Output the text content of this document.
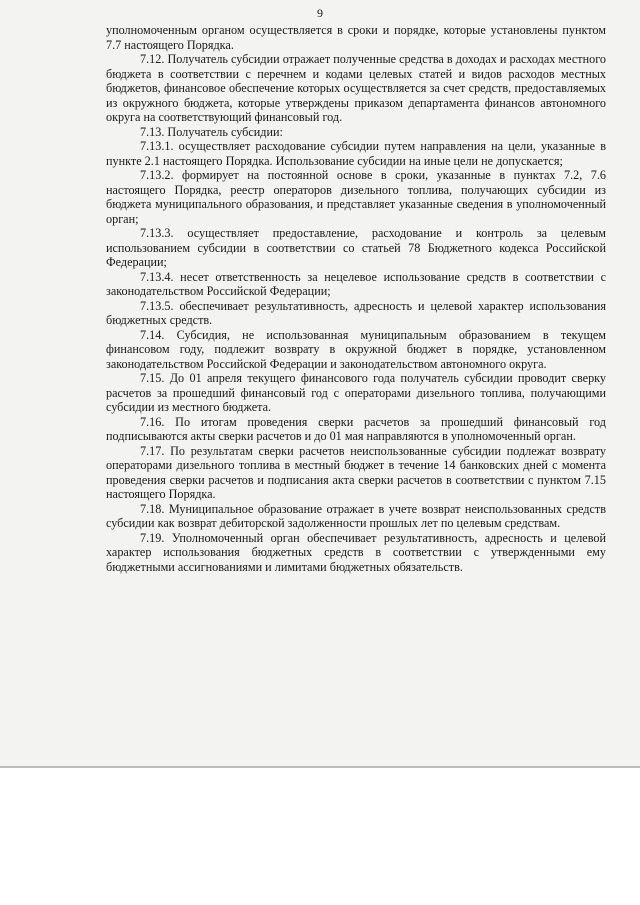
9

уполномоченным органом осуществляется в сроки и порядке, которые установлены пунктом 7.7 настоящего Порядка.

7.12. Получатель субсидии отражает полученные средства в доходах и расходах местного бюджета в соответствии с перечнем и кодами целевых статей и видов расходов местных бюджетов, финансовое обеспечение которых осуществляется за счет средств, предоставляемых из окружного бюджета, которые утверждены приказом департамента финансов автономного округа на соответствующий финансовый год.

7.13. Получатель субсидии:

7.13.1. осуществляет расходование субсидии путем направления на цели, указанные в пункте 2.1 настоящего Порядка. Использование субсидии на иные цели не допускается;

7.13.2. формирует на постоянной основе в сроки, указанные в пунктах 7.2, 7.6 настоящего Порядка, реестр операторов дизельного топлива, получающих субсидии из бюджета муниципального образования, и представляет указанные сведения в уполномоченный орган;

7.13.3. осуществляет предоставление, расходование и контроль за целевым использованием субсидии в соответствии со статьей 78 Бюджетного кодекса Российской Федерации;

7.13.4. несет ответственность за нецелевое использование средств в соответствии с законодательством Российской Федерации;

7.13.5. обеспечивает результативность, адресность и целевой характер использования бюджетных средств.

7.14. Субсидия, не использованная муниципальным образованием в текущем финансовом году, подлежит возврату в окружной бюджет в порядке, установленном законодательством Российской Федерации и законодательством автономного округа.

7.15. До 01 апреля текущего финансового года получатель субсидии проводит сверку расчетов за прошедший финансовый год с операторами дизельного топлива, получающими субсидии из местного бюджета.

7.16. По итогам проведения сверки расчетов за прошедший финансовый год подписываются акты сверки расчетов и до 01 мая направляются в уполномоченный орган.

7.17. По результатам сверки расчетов неиспользованные субсидии подлежат возврату операторами дизельного топлива в местный бюджет в течение 14 банковских дней с момента проведения сверки расчетов и подписания акта сверки расчетов в соответствии с пунктом 7.15 настоящего Порядка.

7.18. Муниципальное образование отражает в учете возврат неиспользованных средств субсидии как возврат дебиторской задолженности прошлых лет по целевым средствам.

7.19. Уполномоченный орган обеспечивает результативность, адресность и целевой характер использования бюджетных средств в соответствии с утвержденными ему бюджетными ассигнованиями и лимитами бюджетных обязательств.
